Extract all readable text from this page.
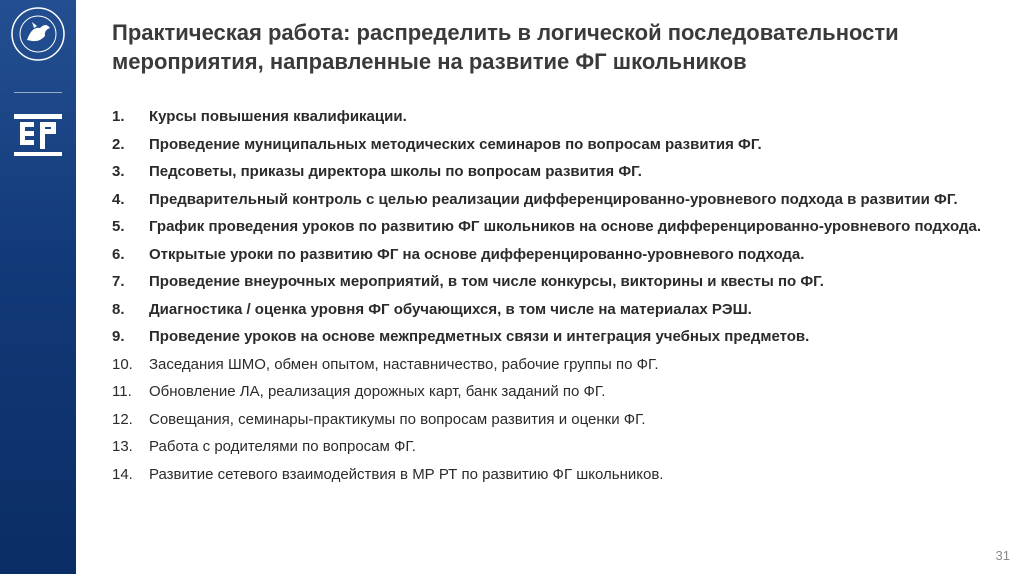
Практическая работа: распределить в логической последовательности мероприятия, направленные на развитие ФГ школьников
1.	Курсы повышения квалификации.
2.	Проведение муниципальных методических семинаров по вопросам развития ФГ.
3.	Педсоветы, приказы директора школы по вопросам развития ФГ.
4.	Предварительный контроль с целью реализации дифференцированно-уровневого подхода в развитии ФГ.
5.	График проведения уроков по развитию ФГ школьников на основе дифференцированно-уровневого подхода.
6.	Открытые уроки по развитию ФГ на основе дифференцированно-уровневого подхода.
7.	Проведение внеурочных мероприятий, в том числе конкурсы, викторины и квесты по ФГ.
8.	Диагностика / оценка уровня ФГ обучающихся, в том числе на материалах РЭШ.
9.	Проведение уроков на основе межпредметных связи и интеграция учебных предметов.
10.	Заседания ШМО, обмен опытом, наставничество, рабочие группы по ФГ.
11.	Обновление ЛА, реализация дорожных карт, банк заданий по ФГ.
12.	Совещания, семинары-практикумы по вопросам развития и оценки ФГ.
13.	Работа с родителями по вопросам ФГ.
14.	Развитие сетевого взаимодействия в МР РТ по развитию ФГ школьников.
31
